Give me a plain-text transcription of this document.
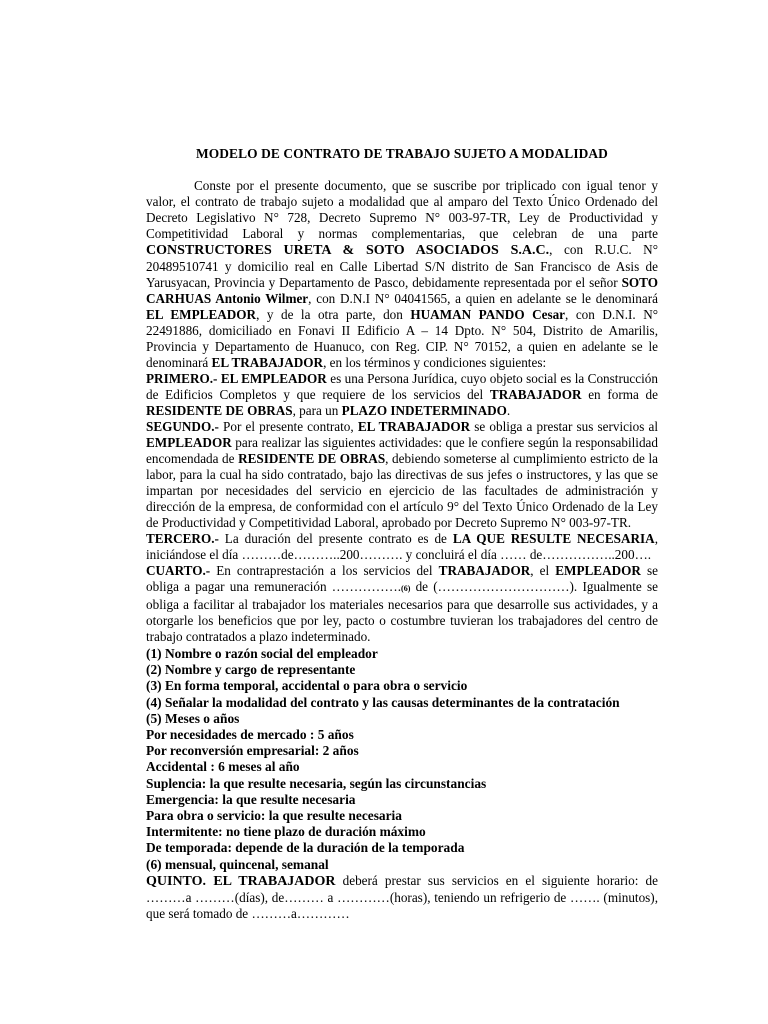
MODELO DE CONTRATO DE TRABAJO SUJETO A MODALIDAD

Conste por el presente documento, que se suscribe por triplicado con igual tenor y valor, el contrato de trabajo sujeto a modalidad que al amparo del Texto Único Ordenado del Decreto Legislativo N° 728, Decreto Supremo N° 003-97-TR, Ley de Productividad y Competitividad Laboral y normas complementarias, que celebran de una parte CONSTRUCTORES URETA & SOTO ASOCIADOS S.A.C., con R.U.C. N° 20489510741 y domicilio real en Calle Libertad S/N distrito de San Francisco de Asis de Yarusyacan, Provincia y Departamento de Pasco, debidamente representada por el señor SOTO CARHUAS Antonio Wilmer, con D.N.I N° 04041565, a quien en adelante se le denominará EL EMPLEADOR, y de la otra parte, don HUAMAN PANDO Cesar, con D.N.I. N° 22491886, domiciliado en Fonavi II Edificio A – 14 Dpto. N° 504, Distrito de Amarilis, Provincia y Departamento de Huanuco, con Reg. CIP. N° 70152, a quien en adelante se le denominará EL TRABAJADOR, en los términos y condiciones siguientes:

PRIMERO.- EL EMPLEADOR es una Persona Jurídica, cuyo objeto social es la Construcción de Edificios Completos y que requiere de los servicios del TRABAJADOR en forma de RESIDENTE DE OBRAS, para un PLAZO INDETERMINADO.

SEGUNDO.- Por el presente contrato, EL TRABAJADOR se obliga a prestar sus servicios al EMPLEADOR para realizar las siguientes actividades: que le confiere según la responsabilidad encomendada de RESIDENTE DE OBRAS, debiendo someterse al cumplimiento estricto de la labor, para la cual ha sido contratado, bajo las directivas de sus jefes o instructores, y las que se impartan por necesidades del servicio en ejercicio de las facultades de administración y dirección de la empresa, de conformidad con el artículo 9° del Texto Único Ordenado de la Ley de Productividad y Competitividad Laboral, aprobado por Decreto Supremo N° 003-97-TR.

TERCERO.- La duración del presente contrato es de LA QUE RESULTE NECESARIA, iniciándose el día ………de………..200………. y concluirá el día …… de……………..200….

CUARTO.- En contraprestación a los servicios del TRABAJADOR, el EMPLEADOR se obliga a pagar una remuneración …………….(6) de (…………………………). Igualmente se obliga a facilitar al trabajador los materiales necesarios para que desarrolle sus actividades, y a otorgarle los beneficios que por ley, pacto o costumbre tuvieran los trabajadores del centro de trabajo contratados a plazo indeterminado.

(1) Nombre o razón social del empleador
(2) Nombre y cargo de representante
(3) En forma temporal, accidental o para obra o servicio
(4) Señalar la modalidad del contrato y las causas determinantes de la contratación
(5) Meses o años
Por necesidades de mercado : 5 años
Por reconversión empresarial: 2 años
Accidental : 6 meses al año
Suplencia: la que resulte necesaria, según las circunstancias
Emergencia: la que resulte necesaria
Para obra o servicio: la que resulte necesaria
Intermitente: no tiene plazo de duración máximo
De temporada: depende de la duración de la temporada
(6) mensual, quincenal, semanal

QUINTO. EL TRABAJADOR deberá prestar sus servicios en el siguiente horario: de ………a ………(días), de……… a …………(horas), teniendo un refrigerio de ……. (minutos), que será tomado de ………a…………
